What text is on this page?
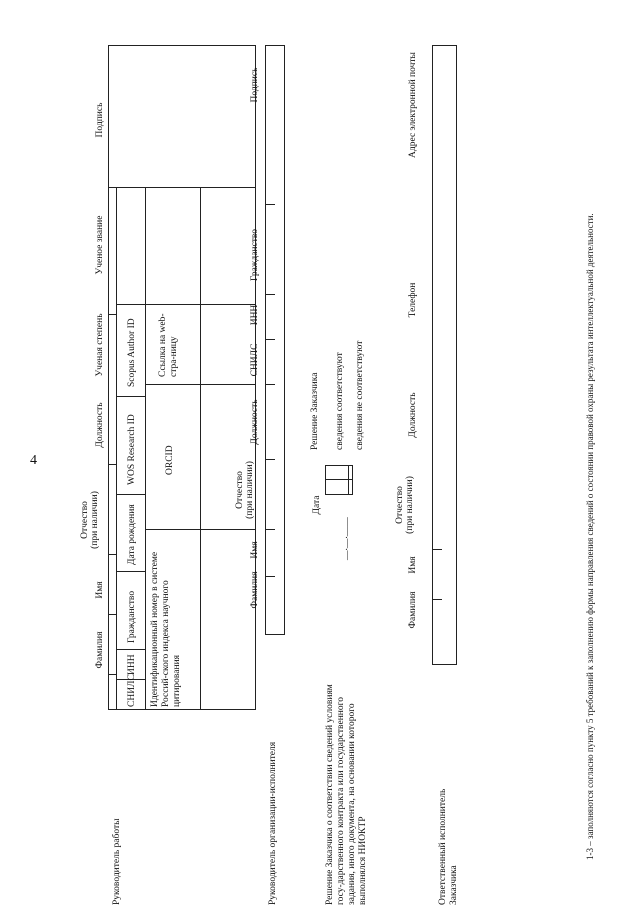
4
Руководитель работы
Фамилия
Имя
Отчество
(при наличии)
Должность
Ученая степень
Ученое звание
Подпись
СНИЛС
ИНН
Гражданство
Дата рождения
WOS Research ID
Scopus Author ID
Идентификационный номер в системе Россий-ского индекса научного цитирования
ORCID
Ссылка на web-стра-ницу
Руководитель организации-исполнителя
Фамилия
Имя
Отчество
(при наличии)
Должность
СНИЛС
ИНН
Гражданство
Подпись
Решение Заказчика о соответствии сведений условиям госу-дарственного контракта или государственного задания, иного документа, на основании которого выполнялся НИОКТР
Дата
__.__.____
Решение Заказчика сведения соответствуют сведения не соответствуют
Ответственный исполнитель
Заказчика
Фамилия
Имя
Отчество
(при наличии)
Должность
Телефон
Адрес электронной почты
1-3 – заполняются согласно пункту 5 требований к заполнению формы направления сведений о состоянии правовой охраны результата интеллектуальной деятельности.
